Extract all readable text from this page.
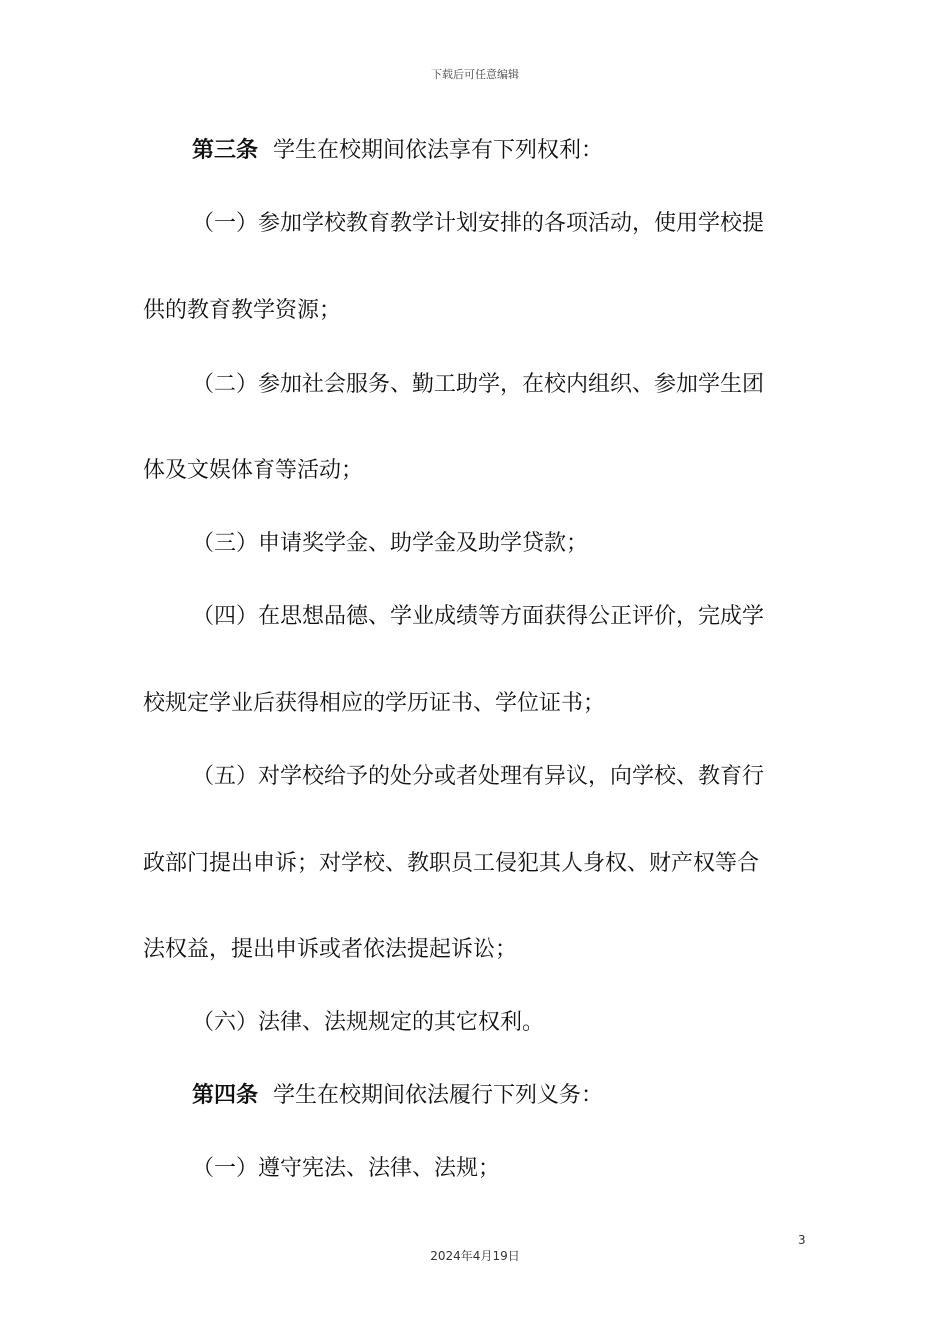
下载后可任意编辑
第三条 学生在校期间依法享有下列权利：
（一）参加学校教育教学计划安排的各项活动，使用学校提
供的教育教学资源；
（二）参加社会服务、勤工助学，在校内组织、参加学生团
体及文娱体育等活动；
（三）申请奖学金、助学金及助学贷款；
（四）在思想品德、学业成绩等方面获得公正评价，完成学
校规定学业后获得相应的学历证书、学位证书；
（五）对学校给予的处分或者处理有异议，向学校、教育行
政部门提出申诉；对学校、教职员工侵犯其人身权、财产权等合
法权益，提出申诉或者依法提起诉讼；
（六）法律、法规规定的其它权利。
第四条 学生在校期间依法履行下列义务：
（一）遵守宪法、法律、法规；
3
2024年4月19日
